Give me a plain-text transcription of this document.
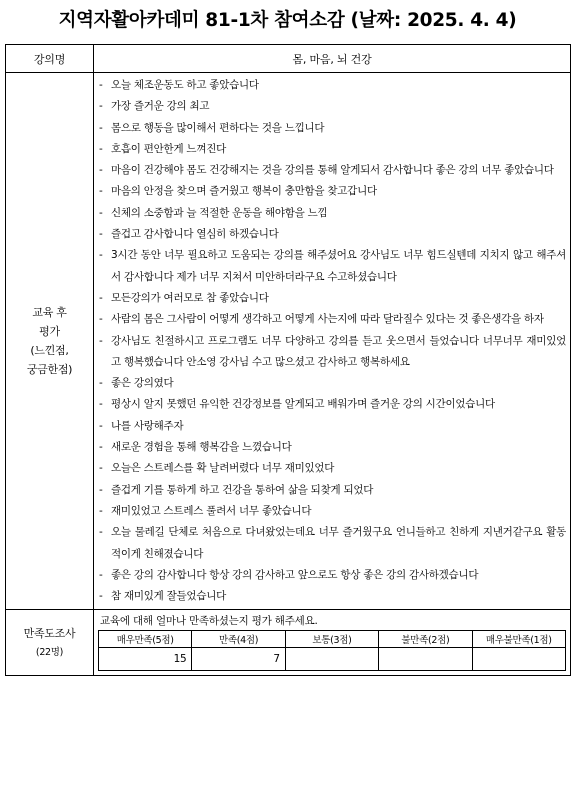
지역자활아카데미 81-1차 참여소감 (날짜: 2025. 4. 4)
강의명	몸, 마음, 뇌 건강

교육 후
평가
(느낀점,
궁금한점)

- 오늘 체조운동도 하고 좋았습니다
- 가장 즐거운 강의 최고
- 몸으로 행동을 많이해서 편하다는 것을 느낍니다
- 호흡이 편안한게 느껴진다
- 마음이 건강해야 몸도 건강해지는 것을 강의를 통해 알게되서 감사합니다 좋은 강의 너무 좋았습니다
- 마음의 안정을 찾으며 즐거웠고 행복이 충만함을 찾고갑니다
- 신체의 소중함과 늘 적절한 운동을 해야함을 느낌
- 즐겁고 감사합니다 열심히 하겠습니다
- 3시간 동안 너무 필요하고 도움되는 강의를 해주셨어요 강사님도 너무 힘드실텐데 지치지 않고 해주셔서 감사합니다 제가 너무 지쳐서 미안하더라구요 수고하셨습니다
- 모든강의가 여러모로 참 좋았습니다
- 사람의 몸은 그사람이 어떻게 생각하고 어떻게 사는지에 따라 달라질수 있다는 것 좋은생각을 하자
- 강사님도 친절하시고 프로그램도 너무 다양하고 강의를 듣고 웃으면서 들었습니다 너무너무 재미있었고 행복했습니다 안소영 강사님 수고 많으셨고 감사하고 행복하세요
- 좋은 강의였다
- 평상시 알지 못했던 유익한 건강정보를 알게되고 배워가며 즐거운 강의 시간이었습니다
- 나를 사랑해주자
- 새로운 경험을 통해 행복감을 느꼈습니다
- 오늘은 스트레스를 확 날려버렸다 너무 재미있었다
- 즐겁게 기를 통하게 하고 건강을 통하여 삶을 되찾게 되었다
- 재미있었고 스트레스 풀려서 너무 좋았습니다
- 오늘 물레길 단체로 처음으로 다녀왔었는데요 너무 즐거웠구요 언니들하고 친하게 지낸거같구요 활동적이게 친해졌습니다
- 좋은 강의 감사합니다 항상 강의 감사하고 앞으로도 항상 좋은 강의 감사하겠습니다
- 참 재미있게 잘들었습니다

만족도조사
(22명)

교육에 대해 얼마나 만족하셨는지 평가 해주세요.
매우만족(5점)	만족(4점)	보통(3점)	불만족(2점)	매우불만족(1점)
15	7			
